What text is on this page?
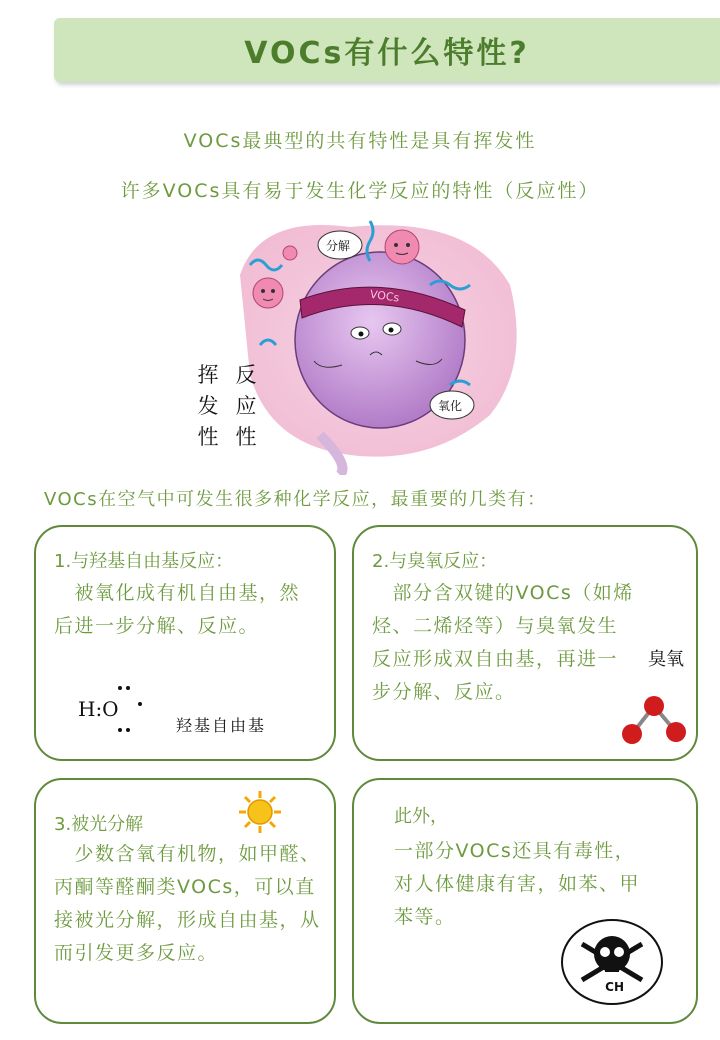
VOCs有什么特性?
VOCs最典型的共有特性是具有挥发性
许多VOCs具有易于发生化学反应的特性（反应性）
VOCs
分解
氧化
挥发性
反应性
VOCs在空气中可发生很多种化学反应，最重要的几类有：
1.与羟基自由基反应：
　被氧化成有机自由基，然后进一步分解、反应。
H:O
羟基自由基
2.与臭氧反应：
　部分含双键的VOCs（如烯烃、二烯烃等）与臭氧发生反应形成双自由基，再进一步分解、反应。
臭氧
3.被光分解
　少数含氧有机物，如甲醛、丙酮等醛酮类VOCs，可以直接被光分解，形成自由基，从而引发更多反应。
此外，
一部分VOCs还具有毒性，对人体健康有害，如苯、甲苯等。
CH
